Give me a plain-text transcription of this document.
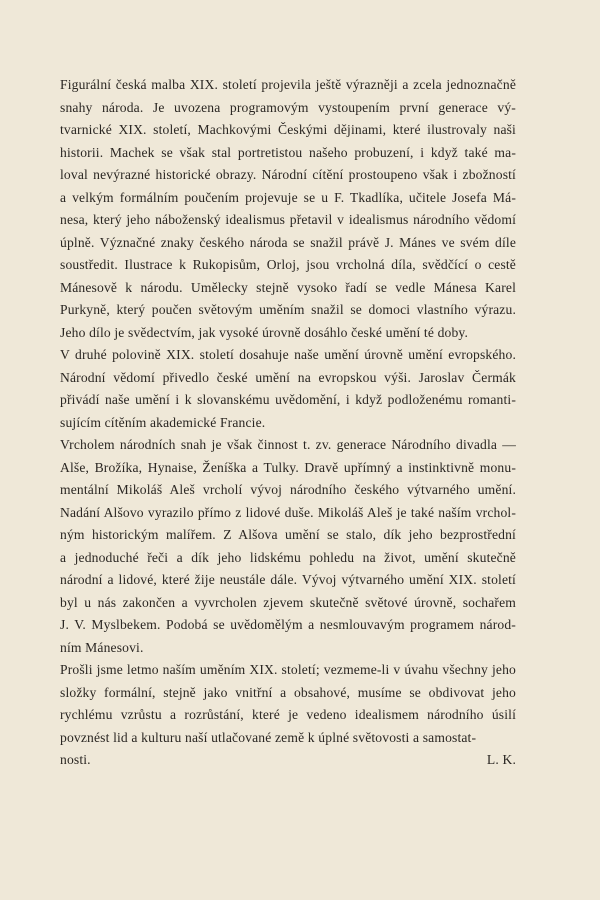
Figurální česká malba XIX. století projevila ještě výrazněji a zcela jednoznačně
snahy národa. Je uvozena programovým vystoupením první generace vý-
tvarnické XIX. století, Machkovými Českými dějinami, které ilustrovaly naši
historii. Machek se však stal portretistou našeho probuzení, i když také ma-
loval nevýrazné historické obrazy. Národní cítění prostoupeno však i zbožností
a velkým formálním poučením projevuje se u F. Tkadlíka, učitele Josefa Má-
nesa, který jeho náboženský idealismus přetavil v idealismus národního vědomí
úplně. Význačné znaky českého národa se snažil právě J. Mánes ve svém díle
soustředit. Ilustrace k Rukopisům, Orloj, jsou vrcholná díla, svědčící o cestě
Mánesově k národu. Umělecky stejně vysoko řadí se vedle Mánesa Karel
Purkyně, který poučen světovým uměním snažil se domoci vlastního výrazu.
Jeho dílo je svědectvím, jak vysoké úrovně dosáhlo české umění té doby.
V druhé polovině XIX. století dosahuje naše umění úrovně umění evropského.
Národní vědomí přivedlo české umění na evropskou výši. Jaroslav Čermák
přivádí naše umění i k slovanskému uvědomění, i když podloženému romanti-
sujícím cítěním akademické Francie.
Vrcholem národních snah je však činnost t. zv. generace Národního divadla —
Alše, Brožíka, Hynaise, Ženíška a Tulky. Dravě upřímný a instinktivně monu-
mentální Mikoláš Aleš vrcholí vývoj národního českého výtvarného umění.
Nadání Alšovo vyrazilo přímo z lidové duše. Mikoláš Aleš je také naším vrchol-
ným historickým malířem. Z Alšova umění se stalo, dík jeho bezprostřední
a jednoduché řeči a dík jeho lidskému pohledu na život, umění skutečně
národní a lidové, které žije neustále dále. Vývoj výtvarného umění XIX. století
byl u nás zakončen a vyvrcholen zjevem skutečně světové úrovně, sochařem
J. V. Myslbekem. Podobá se uvědomělým a nesmlouvavým programem národ-
ním Mánesovi.
Prošli jsme letmo naším uměním XIX. století; vezmeme-li v úvahu všechny jeho
složky formální, stejně jako vnitřní a obsahové, musíme se obdivovat jeho
rychlému vzrůstu a rozrůstání, které je vedeno idealismem národního úsilí
povznést lid a kulturu naší utlačované země k úplné světovosti a samostat-
nosti.	L. K.
